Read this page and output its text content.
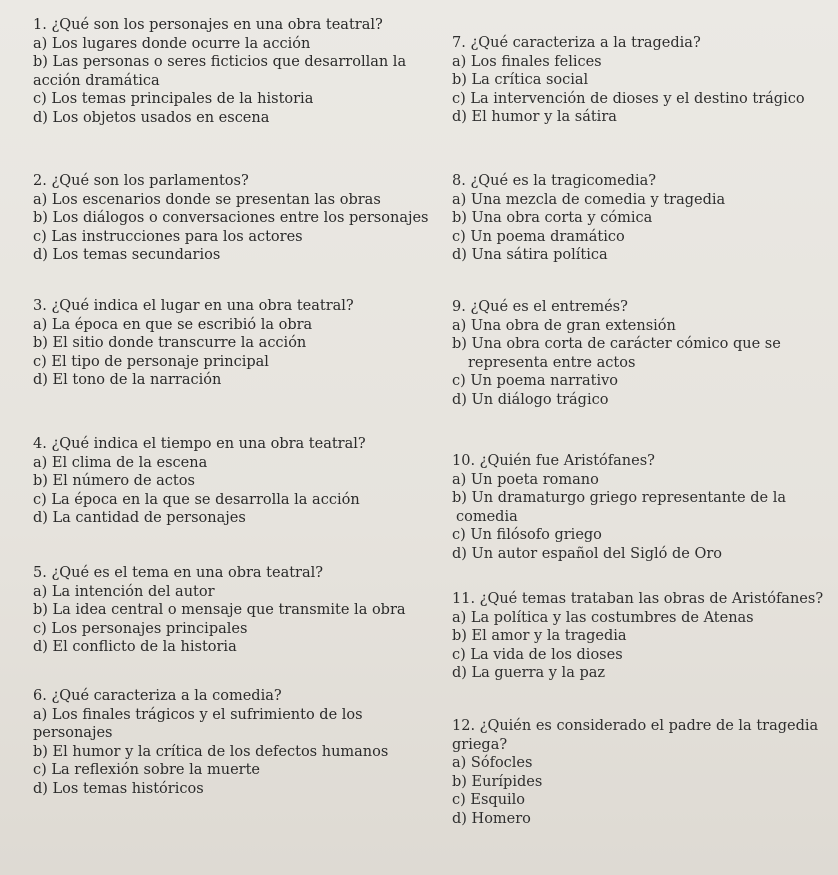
1. ¿Qué son los personajes en una obra teatral?
a) Los lugares donde ocurre la acción
b) Las personas o seres ficticios que desarrollan la
acción dramática
c) Los temas principales de la historia
d) Los objetos usados en escena
2. ¿Qué son los parlamentos?
a) Los escenarios donde se presentan las obras
b) Los diálogos o conversaciones entre los personajes
c) Las instrucciones para los actores
d) Los temas secundarios
3. ¿Qué indica el lugar en una obra teatral?
a) La época en que se escribió la obra
b) El sitio donde transcurre la acción
c) El tipo de personaje principal
d) El tono de la narración
4. ¿Qué indica el tiempo en una obra teatral?
a) El clima de la escena
b) El número de actos
c) La época en la que se desarrolla la acción
d) La cantidad de personajes
5. ¿Qué es el tema en una obra teatral?
a) La intención del autor
b) La idea central o mensaje que transmite la obra
c) Los personajes principales
d) El conflicto de la historia
6. ¿Qué caracteriza a la comedia?
a) Los finales trágicos y el sufrimiento de los
personajes
b) El humor y la crítica de los defectos humanos
c) La reflexión sobre la muerte
d) Los temas históricos
7. ¿Qué caracteriza a la tragedia?
a) Los finales felices
b) La crítica social
c) La intervención de dioses y el destino trágico
d) El humor y la sátira
8. ¿Qué es la tragicomedia?
a) Una mezcla de comedia y tragedia
b) Una obra corta y cómica
c) Un poema dramático
d) Una sátira política
9. ¿Qué es el entremés?
a) Una obra de gran extensión
b) Una obra corta de carácter cómico que se
representa entre actos
c) Un poema narrativo
d) Un diálogo trágico
10. ¿Quién fue Aristófanes?
a) Un poeta romano
b) Un dramaturgo griego representante de la
comedia
c) Un filósofo griego
d) Un autor español del Sigló de Oro
11. ¿Qué temas trataban las obras de Aristófanes?
a) La política y las costumbres de Atenas
b) El amor y la tragedia
c) La vida de los dioses
d) La guerra y la paz
12. ¿Quién es considerado el padre de la tragedia
griega?
a) Sófocles
b) Eurípides
c) Esquilo
d) Homero
